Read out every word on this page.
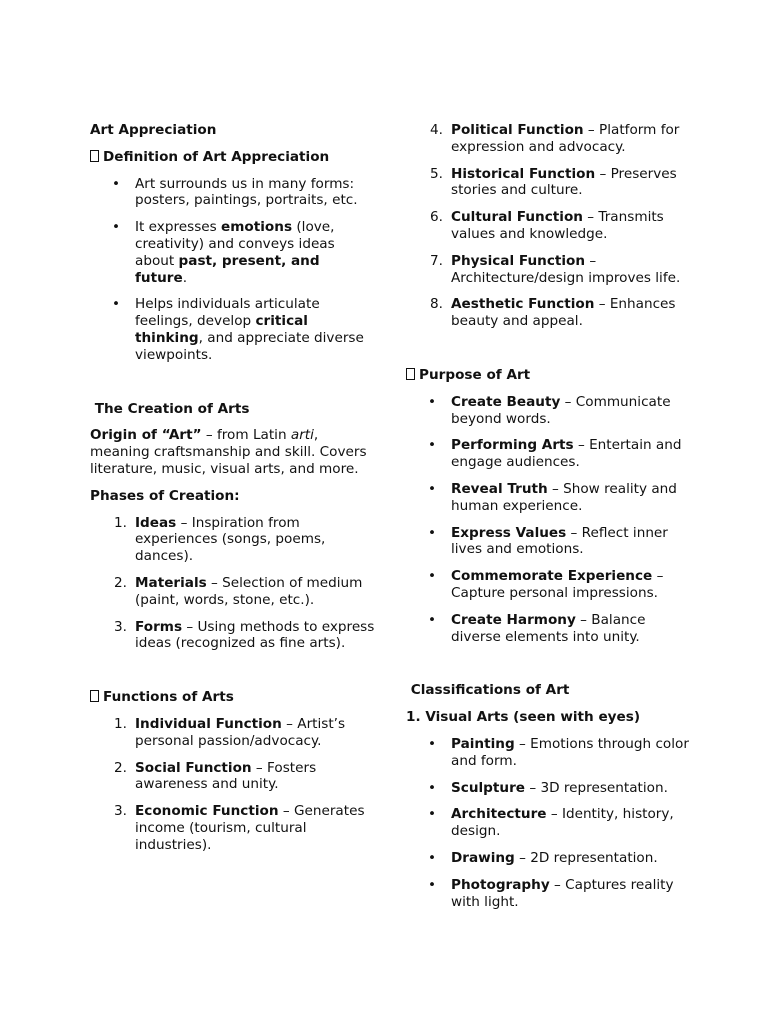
Art Appreciation
Definition of Art Appreciation
• Art surrounds us in many forms: posters, paintings, portraits, etc.
• It expresses emotions (love, creativity) and conveys ideas about past, present, and future.
• Helps individuals articulate feelings, develop critical thinking, and appreciate diverse viewpoints.
The Creation of Arts
Origin of “Art” – from Latin arti, meaning craftsmanship and skill. Covers literature, music, visual arts, and more.
Phases of Creation:
1. Ideas – Inspiration from experiences (songs, poems, dances).
2. Materials – Selection of medium (paint, words, stone, etc.).
3. Forms – Using methods to express ideas (recognized as fine arts).
Functions of Arts
1. Individual Function – Artist’s personal passion/advocacy.
2. Social Function – Fosters awareness and unity.
3. Economic Function – Generates income (tourism, cultural industries).
4. Political Function – Platform for expression and advocacy.
5. Historical Function – Preserves stories and culture.
6. Cultural Function – Transmits values and knowledge.
7. Physical Function – Architecture/design improves life.
8. Aesthetic Function – Enhances beauty and appeal.
Purpose of Art
• Create Beauty – Communicate beyond words.
• Performing Arts – Entertain and engage audiences.
• Reveal Truth – Show reality and human experience.
• Express Values – Reflect inner lives and emotions.
• Commemorate Experience – Capture personal impressions.
• Create Harmony – Balance diverse elements into unity.
Classifications of Art
1. Visual Arts (seen with eyes)
• Painting – Emotions through color and form.
• Sculpture – 3D representation.
• Architecture – Identity, history, design.
• Drawing – 2D representation.
• Photography – Captures reality with light.
